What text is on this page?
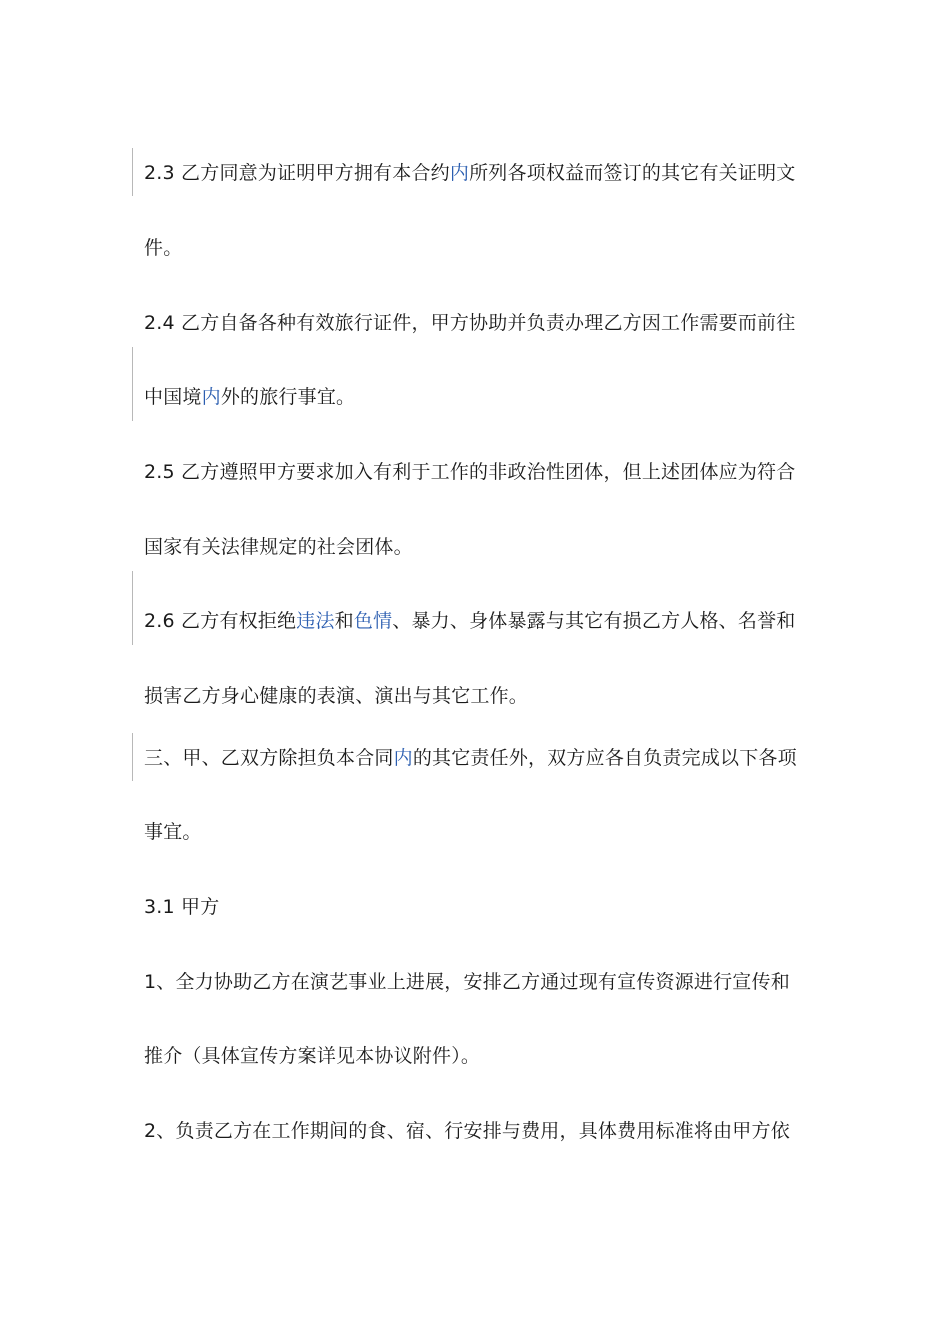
2.3 乙方同意为证明甲方拥有本合约内所列各项权益而签订的其它有关证明文
件。
2.4 乙方自备各种有效旅行证件，甲方协助并负责办理乙方因工作需要而前往
中国境内外的旅行事宜。
2.5 乙方遵照甲方要求加入有利于工作的非政治性团体，但上述团体应为符合
国家有关法律规定的社会团体。
2.6 乙方有权拒绝违法和色情、暴力、身体暴露与其它有损乙方人格、名誉和
损害乙方身心健康的表演、演出与其它工作。
三、甲、乙双方除担负本合同内的其它责任外，双方应各自负责完成以下各项
事宜。
3.1 甲方
1、全力协助乙方在演艺事业上进展，安排乙方通过现有宣传资源进行宣传和
推介（具体宣传方案详见本协议附件）。
2、负责乙方在工作期间的食、宿、行安排与费用，具体费用标准将由甲方依
